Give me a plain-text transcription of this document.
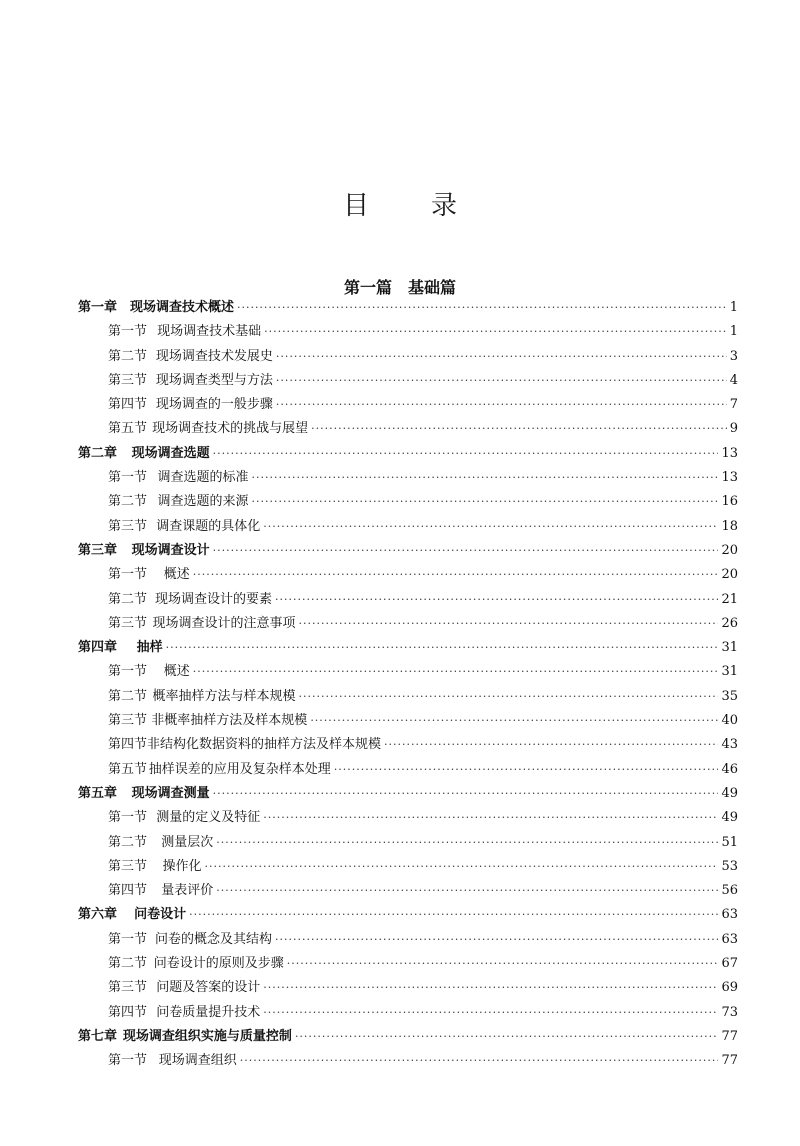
目录
第一篇　基础篇
第一章 现场调查技术概述 ·····	1
第一节 现场调查技术基础 ·····	1
第二节 现场调查技术发展史 ·····	3
第三节 现场调查类型与方法 ·····	4
第四节 现场调查的一般步骤 ·····	7
第五节 现场调查技术的挑战与展望 ·····	9
第二章	现场调查选题 ·····	13
第一节 调查选题的标准 ·····	13
第二节 调查选题的来源 ·····	16
第三节 调查课题的具体化 ·····	18
第三章	现场调查设计 ·····	20
第一节	概述 ·····	20
第二节 现场调查设计的要素 ·····	21
第三节 现场调查设计的注意事项 ·····	26
第四章	抽样 ·····	31
第一节	概述 ·····	31
第二节 概率抽样方法与样本规模 ·····	35
第三节 非概率抽样方法及样本规模 ·····	40
第四节 非结构化数据资料的抽样方法及样本规模 ·····	43
第五节 抽样误差的应用及复杂样本处理 ·····	46
第五章	现场调查测量 ·····	49
第一节 测量的定义及特征 ·····	49
第二节	测量层次 ·····	51
第三节	操作化 ·····	53
第四节	量表评价 ·····	56
第六章	问卷设计 ·····	63
第一节 问卷的概念及其结构 ·····	63
第二节 问卷设计的原则及步骤 ·····	67
第三节 问题及答案的设计 ·····	69
第四节 问卷质量提升技术 ·····	73
第七章 现场调查组织实施与质量控制 ·····	77
第一节 现场调查组织 ·····	77
